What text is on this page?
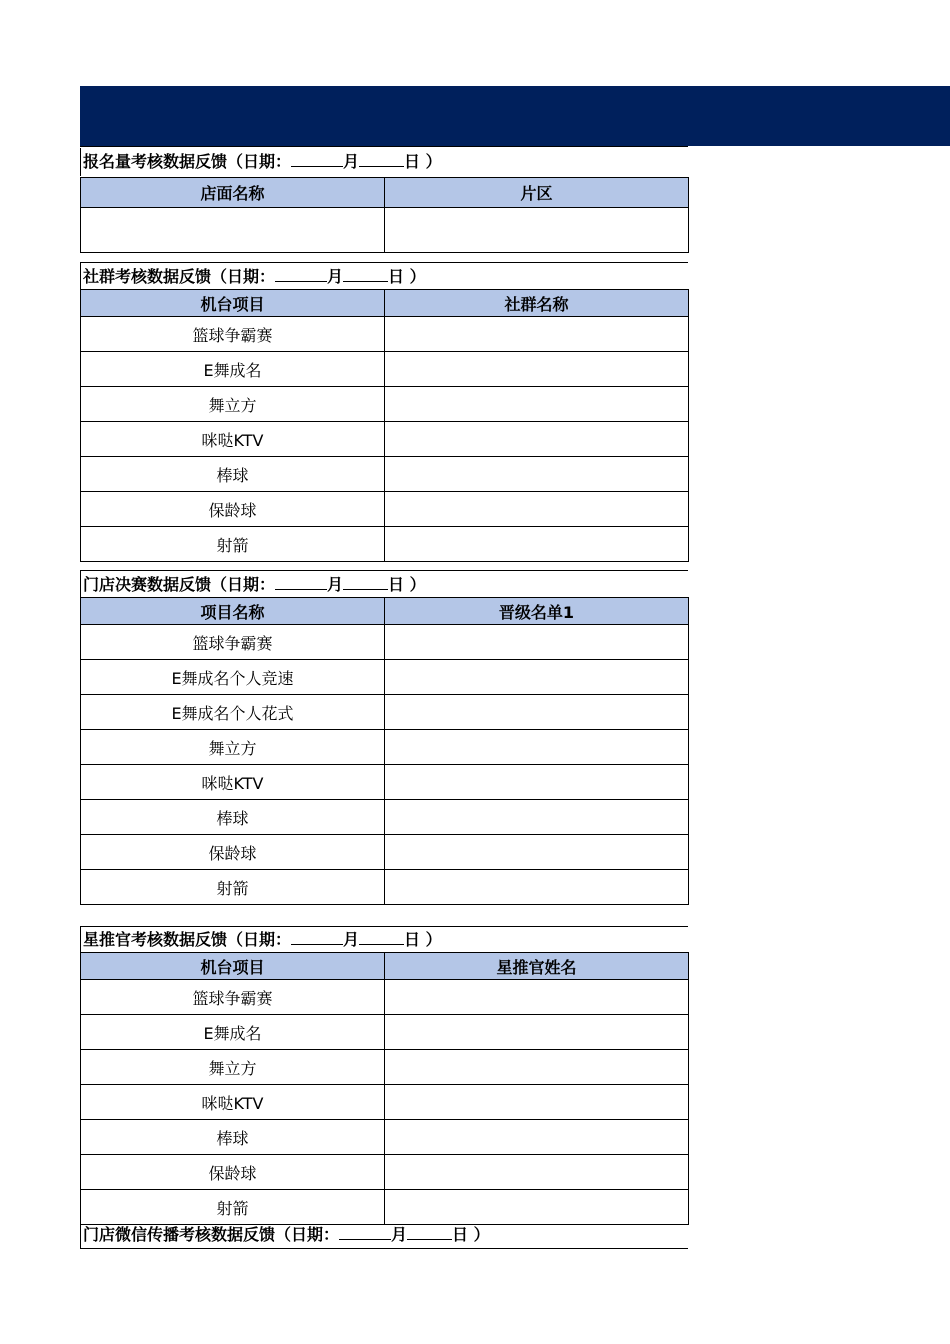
报名量考核数据反馈（日期：	月	日 ）
店面名称	片区

社群考核数据反馈（日期：	月	日 ）
机台项目	社群名称
篮球争霸赛	
E舞成名	
舞立方	
咪哒KTV	
棒球	
保龄球	
射箭	
门店决赛数据反馈（日期：	月	日 ）
项目名称	晋级名单1
篮球争霸赛	
E舞成名个人竞速	
E舞成名个人花式	
舞立方	
咪哒KTV	
棒球	
保龄球	
射箭	
星推官考核数据反馈（日期：	月	日 ）
机台项目	星推官姓名
篮球争霸赛	
E舞成名	
舞立方	
咪哒KTV	
棒球	
保龄球	
射箭	
门店微信传播考核数据反馈（日期：	月	日 ）
